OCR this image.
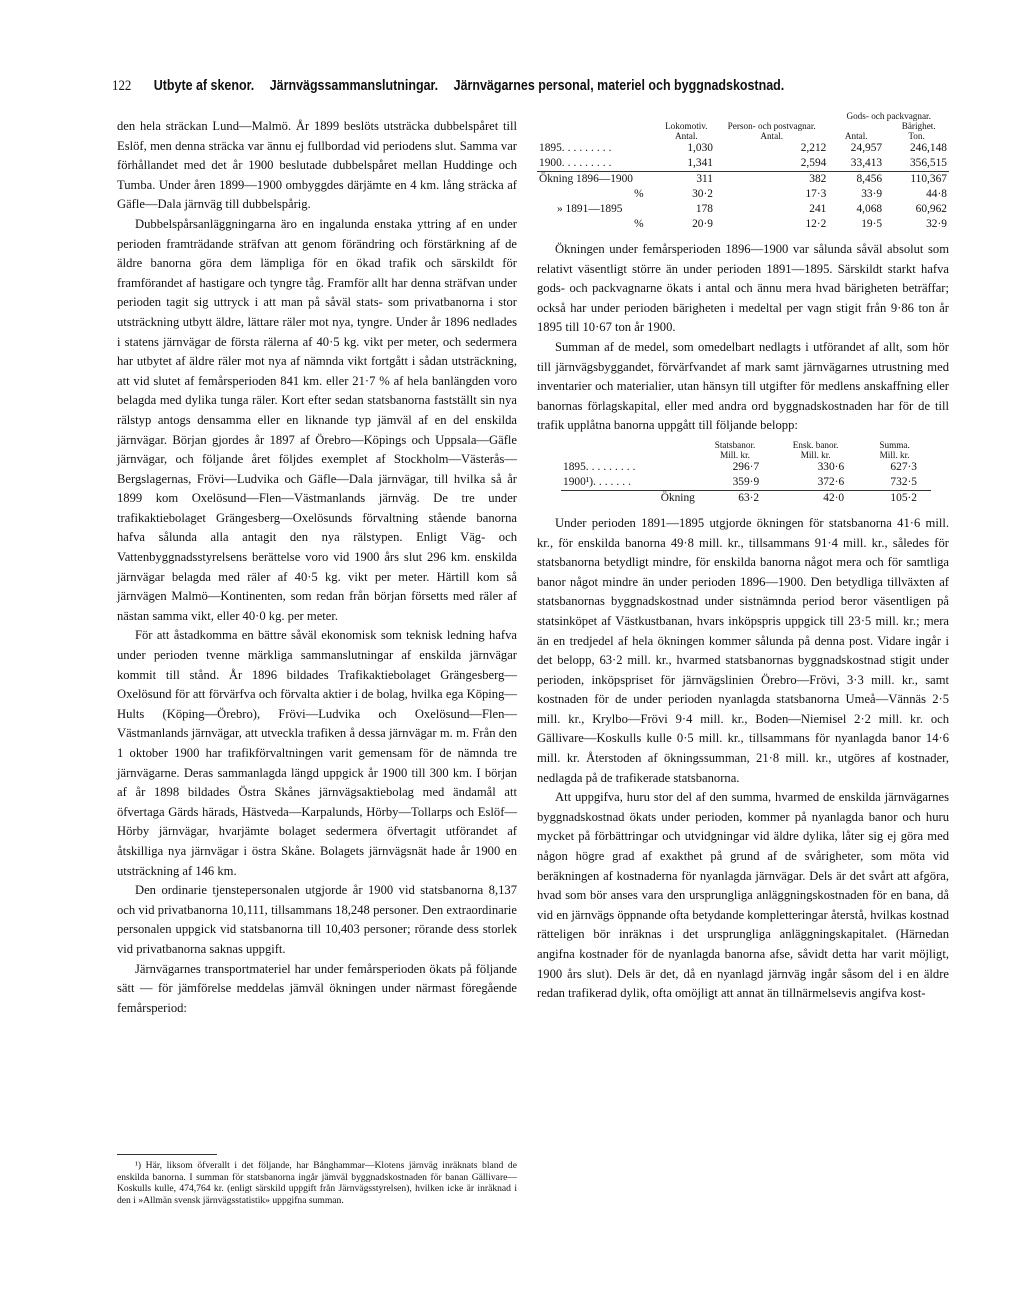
122 Utbyte af skenor. Järnvägssammanslutningar. Järnvägarnes personal, materiel och byggnadskostnad.

den hela sträckan Lund—Malmö. År 1899 beslöts utsträcka dubbelspåret till Eslöf, men denna sträcka var ännu ej fullbordad vid periodens slut. Samma var förhållandet med det år 1900 beslutade dubbelspåret mellan Huddinge och Tumba. Under åren 1899—1900 ombyggdes därjämte en 4 km. lång sträcka af Gäfle—Dala järnväg till dubbelspårig.

Dubbelspårsanläggningarna äro en ingalunda enstaka yttring af en under perioden framträdande sträfvan att genom förändring och förstärkning af de äldre banorna göra dem lämpliga för en ökad trafik och särskildt för framförandet af hastigare och tyngre tåg. Framför allt har denna sträfvan under perioden tagit sig uttryck i att man på såväl stats- som privatbanorna i stor utsträckning utbytt äldre, lättare räler mot nya, tyngre. Under år 1896 nedlades i statens järnvägar de första rälerna af 40·5 kg. vikt per meter, och sedermera har utbytet af äldre räler mot nya af nämnda vikt fortgått i sådan utsträckning, att vid slutet af femårsperioden 841 km. eller 21·7 % af hela banlängden voro belagda med dylika tunga räler. Kort efter sedan statsbanorna fastställt sin nya rälstyp antogs densamma eller en liknande typ jämväl af en del enskilda järnvägar. Början gjordes år 1897 af Örebro—Köpings och Uppsala—Gäfle järnvägar, och följande året följdes exemplet af Stockholm—Västerås—Bergslagernas, Frövi—Ludvika och Gäfle—Dala järnvägar, till hvilka så år 1899 kom Oxelösund—Flen—Västmanlands järnväg. De tre under trafikaktiebolaget Grängesberg—Oxelösunds förvaltning stående banorna hafva sålunda alla antagit den nya rälstypen. Enligt Väg- och Vattenbyggnadsstyrelsens berättelse voro vid 1900 års slut 296 km. enskilda järnvägar belagda med räler af 40·5 kg. vikt per meter. Härtill kom så järnvägen Malmö—Kontinenten, som redan från början försetts med räler af nästan samma vikt, eller 40·0 kg. per meter.

För att åstadkomma en bättre såväl ekonomisk som teknisk ledning hafva under perioden tvenne märkliga sammanslutningar af enskilda järnvägar kommit till stånd. År 1896 bildades Trafikaktiebolaget Grängesberg—Oxelösund för att förvärfva och förvalta aktier i de bolag, hvilka ega Köping—Hults (Köping—Örebro), Frövi—Ludvika och Oxelösund—Flen—Västmanlands järnvägar, att utveckla trafiken å dessa järnvägar m. m. Från den 1 oktober 1900 har trafikförvaltningen varit gemensam för de nämnda tre järnvägarne. Deras sammanlagda längd uppgick år 1900 till 300 km. I början af år 1898 bildades Östra Skånes järnvägsaktiebolag med ändamål att öfvertaga Gärds härads, Hästveda—Karpalunds, Hörby—Tollarps och Eslöf—Hörby järnvägar, hvarjämte bolaget sedermera öfvertagit utförandet af åtskilliga nya järnvägar i östra Skåne. Bolagets järnvägsnät hade år 1900 en utsträckning af 146 km.

Den ordinarie tjenstepersonalen utgjorde år 1900 vid statsbanorna 8,137 och vid privatbanorna 10,111, tillsammans 18,248 personer. Den extraordinarie personalen uppgick vid statsbanorna till 10,403 personer; rörande dess storlek vid privatbanorna saknas uppgift.

Järnvägarnes transportmateriel har under femårsperioden ökats på följande sätt — för jämförelse meddelas jämväl ökningen under närmast föregående femårsperiod:

¹) Här, liksom öfverallt i det följande, har Bånghammar—Klotens järnväg inräknats bland de enskilda banorna. I summan för statsbanorna ingår jämväl byggnadskostnaden för banan Gällivare—Koskulls kulle, 474,764 kr. (enligt särskild uppgift från Järnvägsstyrelsen), hvilken icke är inräknad i den i »Allmän svensk järnvägsstatistik» uppgifna summan.

	Lokomotiv.	Person- och postvagnar.	Gods- och packvagnar.
Bärighet.	
	Antal.	Antal.	Antal.	Ton.
1895.........	1,030	2,212	24,957	246,148
1900.........	1,341	2,594	33,413	356,515
Ökning 1896—1900	311	382	8,456	110,367
%	30·2	17·3	33·9	44·8
» 1891—1895	178	241	4,068	60,962
%	20·9	12·2	19·5	32·9

Ökningen under femårsperioden 1896—1900 var sålunda såväl absolut som relativt väsentligt större än under perioden 1891—1895. Särskildt starkt hafva gods- och packvagnarne ökats i antal och ännu mera hvad bärigheten beträffar; också har under perioden bärigheten i medeltal per vagn stigit från 9·86 ton år 1895 till 10·67 ton år 1900.

Summan af de medel, som omedelbart nedlagts i utförandet af allt, som hör till järnvägsbyggandet, förvärfvandet af mark samt järnvägarnes utrustning med inventarier och materialier, utan hänsyn till utgifter för medlens anskaffning eller banornas förlagskapital, eller med andra ord byggnadskostnaden har för de till trafik upplåtna banorna uppgått till följande belopp:

	Statsbanor.	Ensk. banor.	Summa.
	Mill. kr.	Mill. kr.	Mill. kr.
1895.........	296·7	330·6	627·3
1900¹).......	359·9	372·6	732·5
Ökning	63·2	42·0	105·2

Under perioden 1891—1895 utgjorde ökningen för statsbanorna 41·6 mill. kr., för enskilda banorna 49·8 mill. kr., tillsammans 91·4 mill. kr., således för statsbanorna betydligt mindre, för enskilda banorna något mera och för samtliga banor något mindre än under perioden 1896—1900. Den betydliga tillväxten af statsbanornas byggnadskostnad under sistnämnda period beror väsentligen på statsinköpet af Västkustbanan, hvars inköpspris uppgick till 23·5 mill. kr.; mera än en tredjedel af hela ökningen kommer sålunda på denna post. Vidare ingår i det belopp, 63·2 mill. kr., hvarmed statsbanornas byggnadskostnad stigit under perioden, inköpspriset för järnvägslinien Örebro—Frövi, 3·3 mill. kr., samt kostnaden för de under perioden nyanlagda statsbanorna Umeå—Vännäs 2·5 mill. kr., Krylbo—Frövi 9·4 mill. kr., Boden—Niemisel 2·2 mill. kr. och Gällivare—Koskulls kulle 0·5 mill. kr., tillsammans för nyanlagda banor 14·6 mill. kr. Återstoden af ökningssumman, 21·8 mill. kr., utgöres af kostnader, nedlagda på de trafikerade statsbanorna.

Att uppgifva, huru stor del af den summa, hvarmed de enskilda järnvägarnes byggnadskostnad ökats under perioden, kommer på nyanlagda banor och huru mycket på förbättringar och utvidgningar vid äldre dylika, låter sig ej göra med någon högre grad af exakthet på grund af de svårigheter, som möta vid beräkningen af kostnaderna för nyanlagda järnvägar. Dels är det svårt att afgöra, hvad som bör anses vara den ursprungliga anläggningskostnaden för en bana, då vid en järnvägs öppnande ofta betydande kompletteringar återstå, hvilkas kostnad rätteligen bör inräknas i det ursprungliga anläggningskapitalet. (Härnedan angifna kostnader för de nyanlagda banorna afse, såvidt detta har varit möjligt, 1900 års slut). Dels är det, då en nyanlagd järnväg ingår såsom del i en äldre redan trafikerad dylik, ofta omöjligt att annat än tillnärmelsevis angifva kost-
